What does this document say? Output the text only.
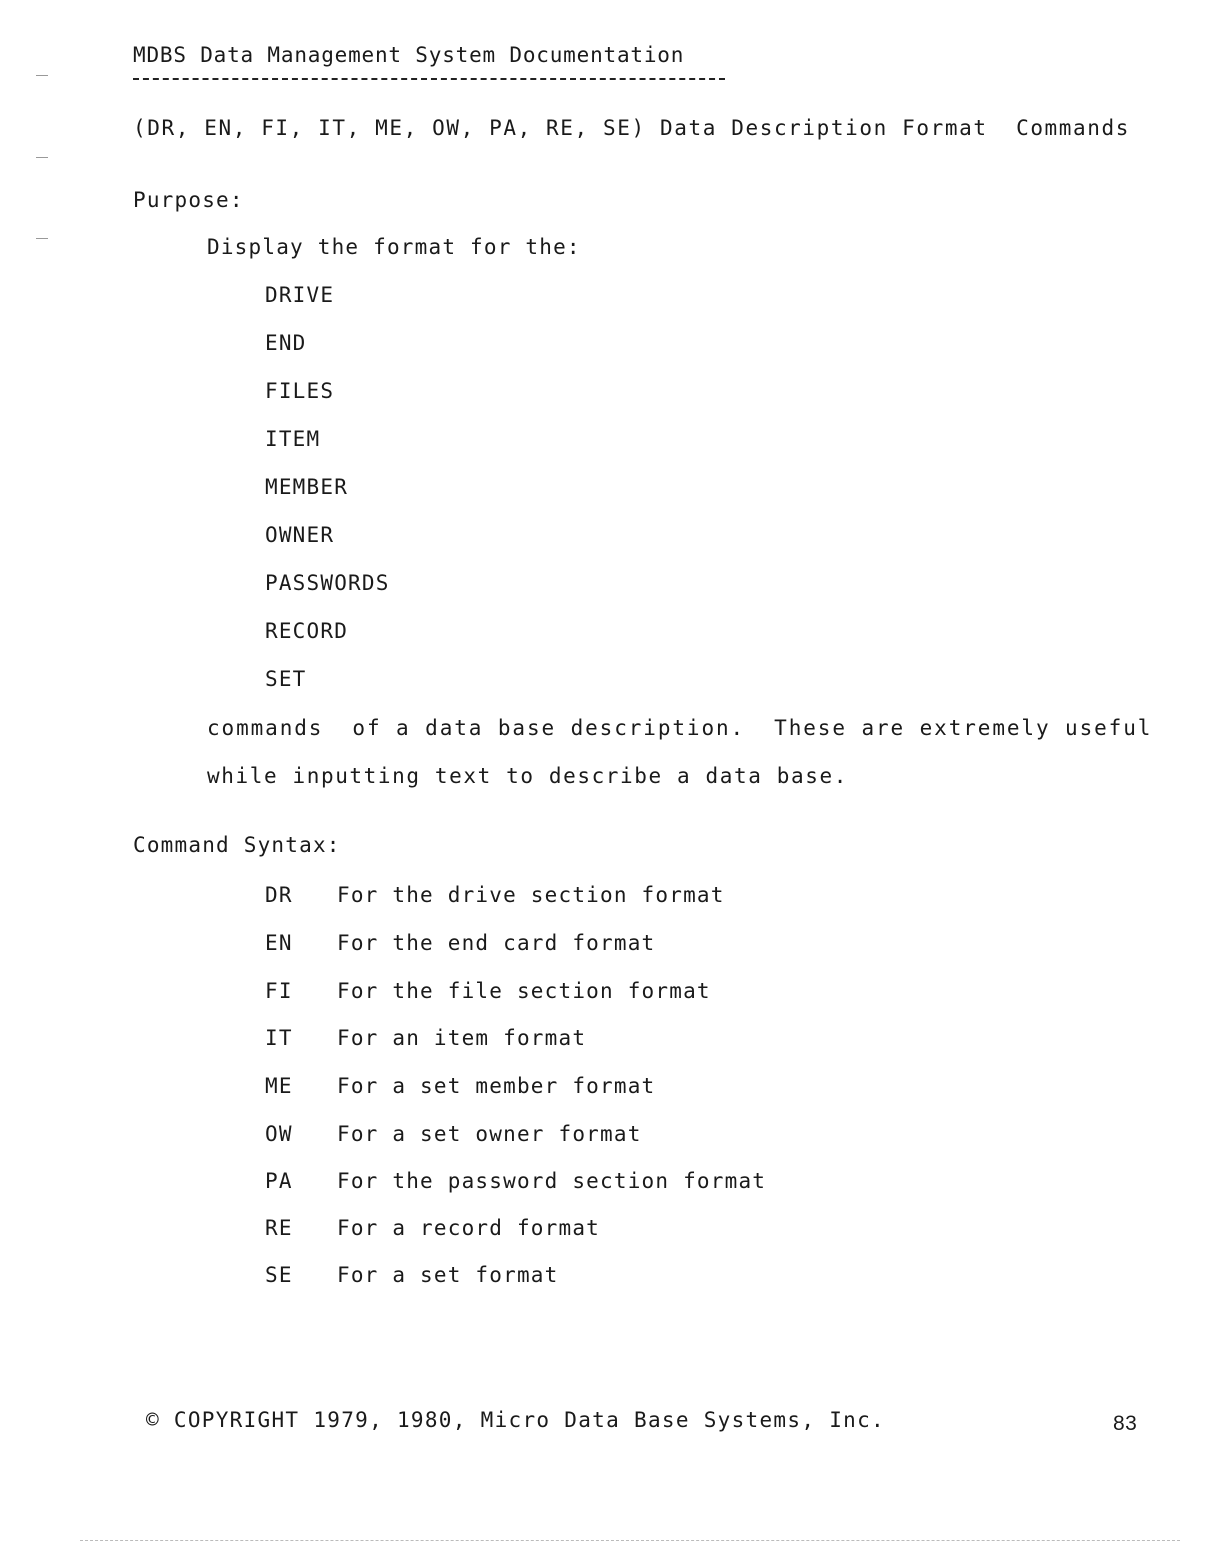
MDBS Data Management System Documentation
(DR, EN, FI, IT, ME, OW, PA, RE, SE) Data Description Format  Commands
Purpose:
Display the format for the:
DRIVE
END
FILES
ITEM
MEMBER
OWNER
PASSWORDS
RECORD
SET
commands  of a data base description.  These are extremely useful
while inputting text to describe a data base.
Command Syntax:
DR For the drive section format
EN For the end card format
FI For the file section format
IT For an item format
ME For a set member format
OW For a set owner format
PA For the password section format
RE For a record format
SE For a set format
© COPYRIGHT 1979, 1980, Micro Data Base Systems, Inc.	83
